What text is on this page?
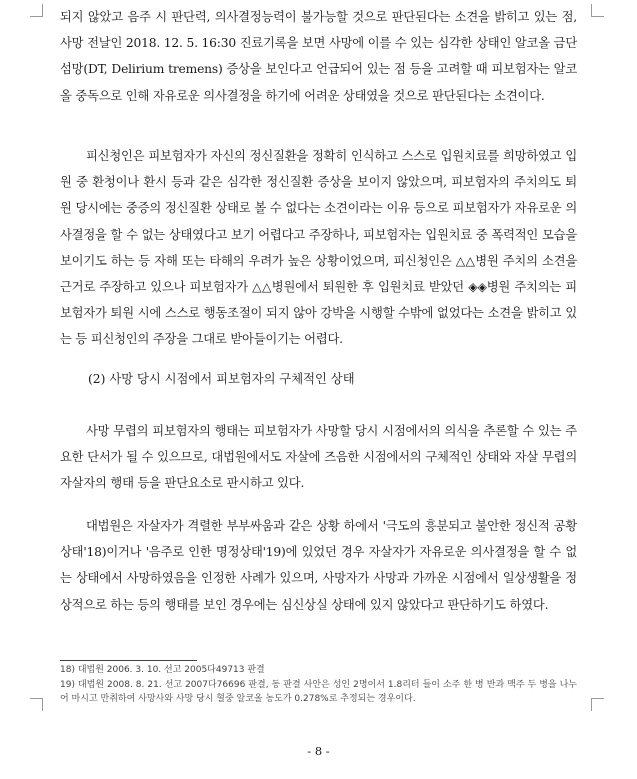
되지 않았고 음주 시 판단력, 의사결정능력이 불가능할 것으로 판단된다는 소견을 밝히고 있는 점, 사망 전날인 2018. 12. 5. 16:30 진료기록을 보면 사망에 이를 수 있는 심각한 상태인 알코올 금단 섬망(DT, Delirium tremens) 증상을 보인다고 언급되어 있는 점 등을 고려할 때 피보험자는 알코올 중독으로 인해 자유로운 의사결정을 하기에 어려운 상태였을 것으로 판단된다는 소견이다.

피신청인은 피보험자가 자신의 정신질환을 정확히 인식하고 스스로 입원치료를 희망하였고 입원 중 환청이나 환시 등과 같은 심각한 정신질환 증상을 보이지 않았으며, 피보험자의 주치의도 퇴원 당시에는 중증의 정신질환 상태로 볼 수 없다는 소견이라는 이유 등으로 피보험자가 자유로운 의사결정을 할 수 없는 상태였다고 보기 어렵다고 주장하나, 피보험자는 입원치료 중 폭력적인 모습을 보이기도 하는 등 자해 또는 타해의 우려가 높은 상황이었으며, 피신청인은 △△병원 주치의 소견을 근거로 주장하고 있으나 피보험자가 △△병원에서 퇴원한 후 입원치료 받았던 ◈◈병원 주치의는 피보험자가 퇴원 시에 스스로 행동조절이 되지 않아 강박을 시행할 수밖에 없었다는 소견을 밝히고 있는 등 피신청인의 주장을 그대로 받아들이기는 어렵다.

(2) 사망 당시 시점에서 피보험자의 구체적인 상태

사망 무렵의 피보험자의 행태는 피보험자가 사망할 당시 시점에서의 의식을 추론할 수 있는 주요한 단서가 될 수 있으므로, 대법원에서도 자살에 즈음한 시점에서의 구체적인 상태와 자살 무렵의 자살자의 행태 등을 판단요소로 판시하고 있다.

대법원은 자살자가 격렬한 부부싸움과 같은 상황 하에서 '극도의 흥분되고 불안한 정신적 공황상태'18)이거나 '음주로 인한 명정상태'19)에 있었던 경우 자살자가 자유로운 의사결정을 할 수 없는 상태에서 사망하였음을 인정한 사례가 있으며, 사망자가 사망과 가까운 시점에서 일상생활을 정상적으로 하는 등의 행태를 보인 경우에는 심신상실 상태에 있지 않았다고 판단하기도 하였다.

18) 대법원 2006. 3. 10. 선고 2005다49713 판결

19) 대법원 2008. 8. 21. 선고 2007다76696 판결, 동 판결 사안은 성인 2명이서 1.8리터 들이 소주 한 병 반과 맥주 두 병을 나누어 마시고 만취하여 사망사와 사망 당시 혈중 알코올 농도가 0.278%로 추정되는 경우이다.

- 8 -
